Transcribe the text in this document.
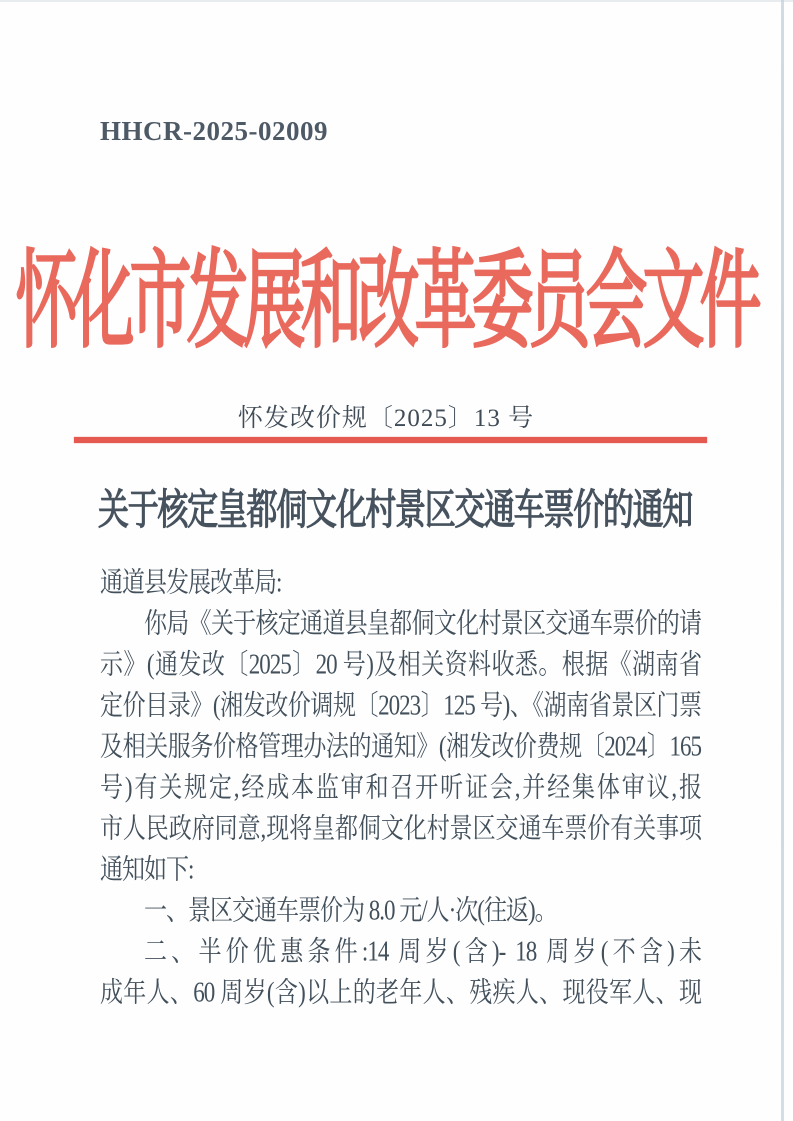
HHCR-2025-02009
怀化市发展和改革委员会文件
怀发改价规〔2025〕13 号
关于核定皇都侗文化村景区交通车票价的通知
通道县发展改革局:
你局《关于核定通道县皇都侗文化村景区交通车票价的请
示》(通发改〔2025〕20 号)及相关资料收悉。根据《湖南省
定价目录》(湘发改价调规〔2023〕125 号)、《湖南省景区门票
及相关服务价格管理办法的通知》(湘发改价费规〔2024〕165
号)有关规定,经成本监审和召开听证会,并经集体审议,报
市人民政府同意,现将皇都侗文化村景区交通车票价有关事项
通知如下:
一、景区交通车票价为 8.0 元/人·次(往返)。
二、半价优惠条件:14 周岁(含)- 18 周岁(不含)未
成年人、60 周岁(含)以上的老年人、残疾人、现役军人、现
